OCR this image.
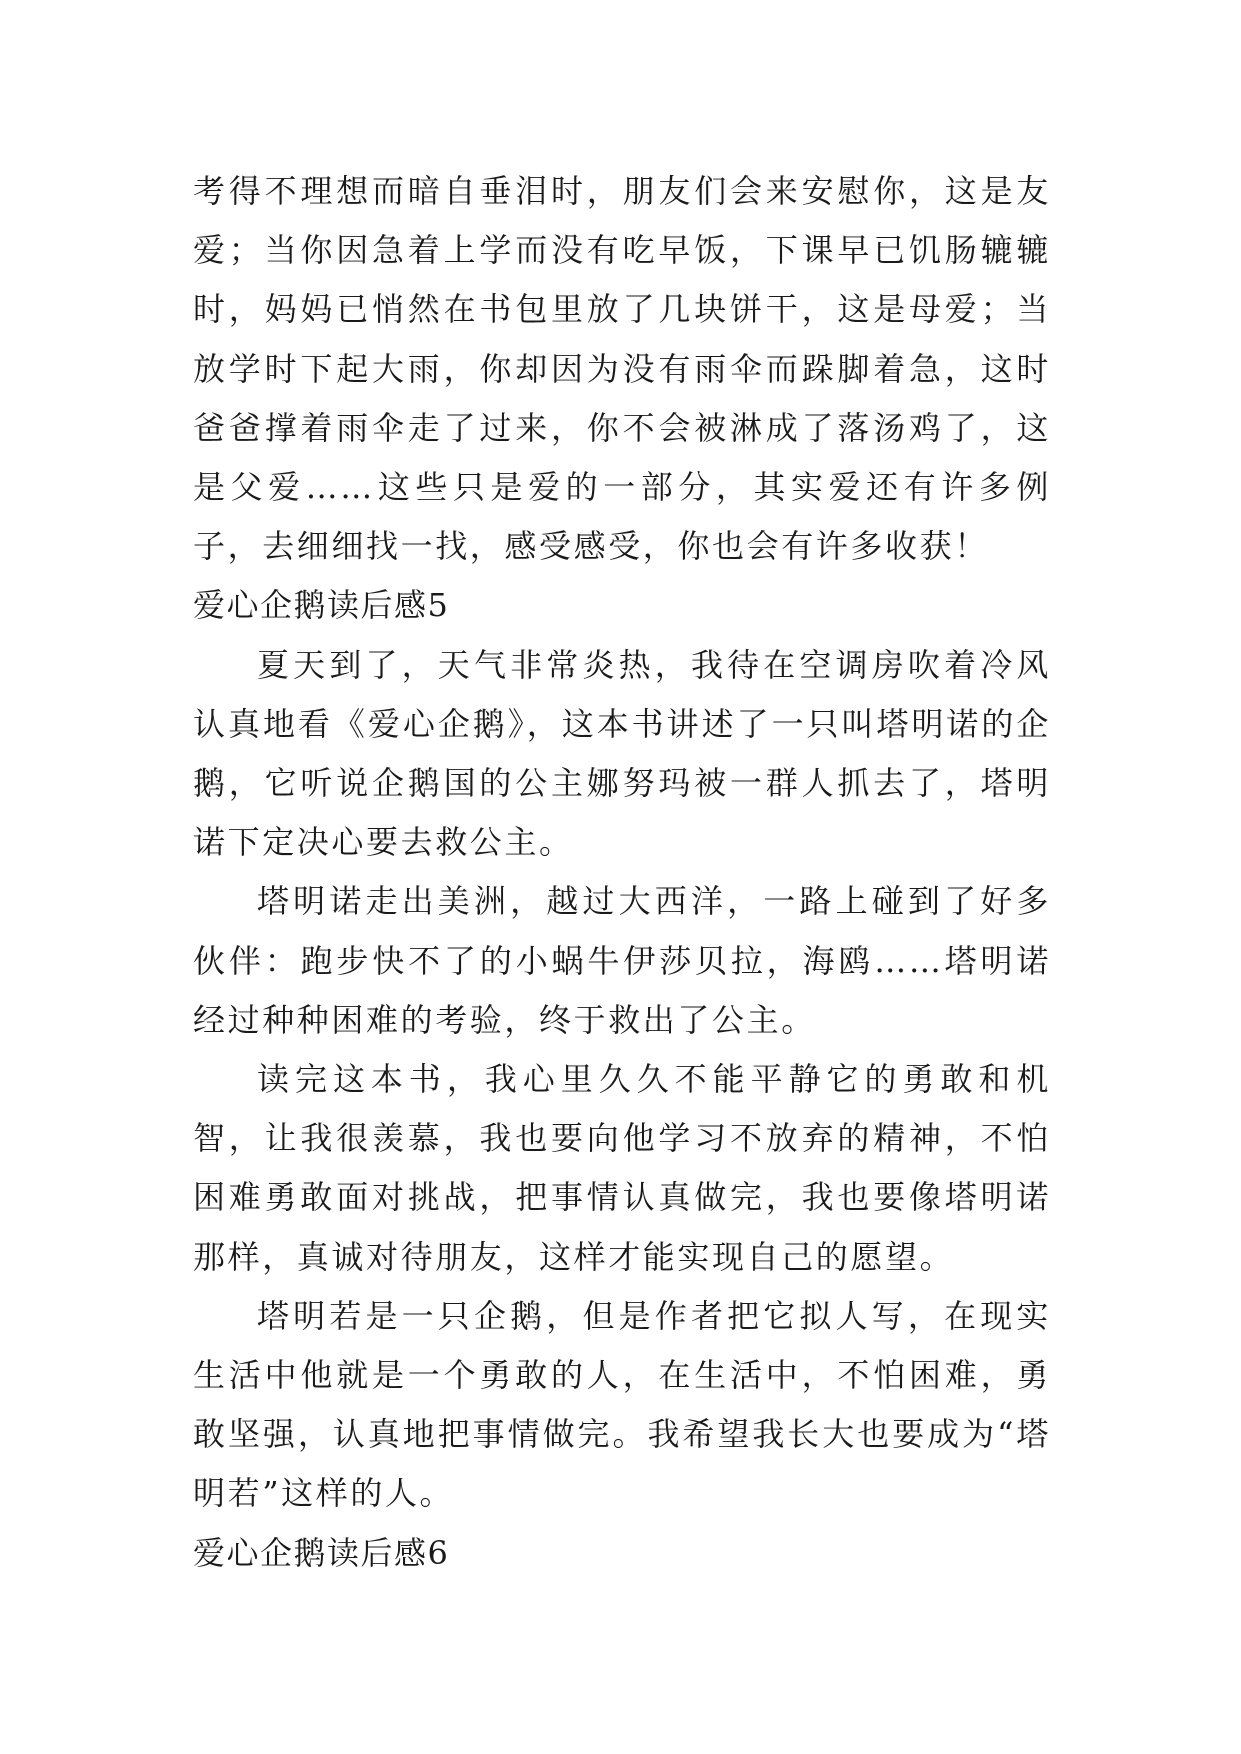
考得不理想而暗自垂泪时，朋友们会来安慰你，这是友爱；当你因急着上学而没有吃早饭，下课早已饥肠辘辘时，妈妈已悄然在书包里放了几块饼干，这是母爱；当放学时下起大雨，你却因为没有雨伞而跺脚着急，这时爸爸撑着雨伞走了过来，你不会被淋成了落汤鸡了，这是父爱……这些只是爱的一部分，其实爱还有许多例子，去细细找一找，感受感受，你也会有许多收获！

爱心企鹅读后感5

夏天到了，天气非常炎热，我待在空调房吹着冷风认真地看《爱心企鹅》，这本书讲述了一只叫塔明诺的企鹅，它听说企鹅国的公主娜努玛被一群人抓去了，塔明诺下定决心要去救公主。

塔明诺走出美洲，越过大西洋，一路上碰到了好多伙伴：跑步快不了的小蜗牛伊莎贝拉，海鸥……塔明诺经过种种困难的考验，终于救出了公主。

读完这本书，我心里久久不能平静它的勇敢和机智，让我很羡慕，我也要向他学习不放弃的精神，不怕困难勇敢面对挑战，把事情认真做完，我也要像塔明诺那样，真诚对待朋友，这样才能实现自己的愿望。

塔明若是一只企鹅，但是作者把它拟人写，在现实生活中他就是一个勇敢的人，在生活中，不怕困难，勇敢坚强，认真地把事情做完。我希望我长大也要成为“塔明若”这样的人。

爱心企鹅读后感6
